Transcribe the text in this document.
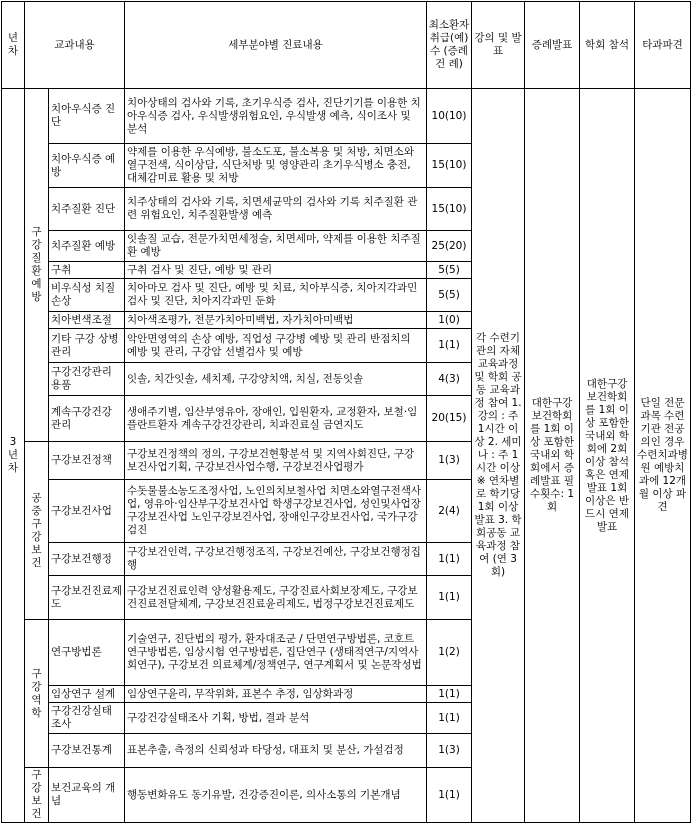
년차	교과내용		세부분야별 진료내용	최소환자 취급(예)수 (증례건 례)	강의 및 발표	증례발표	학회 참석	타과파견
3 년차	구강질환예방	치아우식증 진단	치아상태의 검사와 기록, 초기우식증 검사, 진단기기를 이용한 치아우식증 검사, 우식발생위험요인, 우식발생 예측, 식이조사 및 분석	10(10)	각 수련기관의 자체 교육과정 및 학회 공동 교육과정 참여 1. 강의 : 주 1시간 이상 2. 세미나 : 주 1시간 이상 ※ 연차별로 학기당 1회 이상 발표 3. 학회공동 교육과정 참여 (연 3회)	대한구강보건학회를 1회 이상 포함한 국내외 학회에서 증례발표 필수횟수: 1회	대한구강보건학회를 1회 이상 포함한 국내외 학회에 2회 이상 참석 혹은 연제발표 1회 이상은 반드시 연제발표	단일 전문과목 수련기관 전공의인 경우 수련치과병원 예방치과에 12개월 이상 파견
		치아우식증 예방	약제를 이용한 우식예방, 불소도포, 불소복용 및 처방, 치면소와열구전색, 식이상담, 식단처방 및 영양관리 초기우식병소 충전, 대체감미료 활용 및 처방	15(10)				
		치주질환 진단	치주상태의 검사와 기록, 치면세균막의 검사와 기록 치주질환 관련 위험요인, 치주질환발생 예측	15(10)				
		치주질환 예방	잇솔질 교습, 전문가치면세정술, 치면세마, 약제를 이용한 치주질환 예방	25(20)				
		구취	구취 검사 및 진단, 예방 및 관리	5(5)				
		비우식성 치질 손상	치아마모 검사 및 진단, 예방 및 치료, 치아부식증, 치아지각과민 검사 및 진단, 치아지각과민 둔화	5(5)				
		치아변색조절	치아색조평가, 전문가치아미백법, 자가치아미백법	1(0)				
		기타 구강 상병관리	악안면영역의 손상 예방, 직업성 구강병 예방 및 관리 반점치의 예방 및 관리, 구강암 선별검사 및 예방	1(1)				
		구강건강관리 용품	잇솔, 치간잇솔, 세치제, 구강양치액, 치실, 전동잇솔	4(3)				
		계속구강건강 관리	생애주기별, 임산부영유아, 장애인, 입원환자, 교정환자, 보철·임플란트환자 계속구강건강관리, 치과진료실 금연지도	20(15)				
	공중구강보건	구강보건정책	구강보건정책의 정의, 구강보건현황분석 및 지역사회진단, 구강보건사업기획, 구강보건사업수행, 구강보건사업평가	1(3)				
		구강보건사업	수돗물불소농도조정사업, 노인의치보철사업 치면소와열구전색사업, 영유아·임산부구강보건사업 학생구강보건사업, 성인및사업장구강보건사업 노인구강보건사업, 장애인구강보건사업, 국가구강검진	2(4)				
		구강보건행정	구강보건인력, 구강보건행정조직, 구강보건예산, 구강보건행정집행	1(1)				
		구강보건진료제도	구강보건진료인력 양성활용제도, 구강진료사회보장제도, 구강보건진료전달체계, 구강보건진료윤리제도, 법정구강보건진료제도	1(1)				
	구강역학	연구방법론	기술연구, 진단법의 평가, 환자대조군 / 단면연구방법론, 코호트 연구방법론, 임상시험 연구방법론, 집단연구 (생태적연구/지역사회연구), 구강보건 의료체계/정책연구, 연구계획서 및 논문작성법	1(2)				
		임상연구 설계	임상연구윤리, 무작위화, 표본수 추정, 임상화과정	1(1)				
		구강건강실태 조사	구강건강실태조사 기획, 방법, 결과 분석	1(1)				
		구강보건통계	표본추출, 측정의 신뢰성과 타당성, 대표치 및 분산, 가설검정	1(3)				
	구강보건	보건교육의 개념	행동변화유도 동기유발, 건강증진이론, 의사소통의 기본개념	1(1)				
